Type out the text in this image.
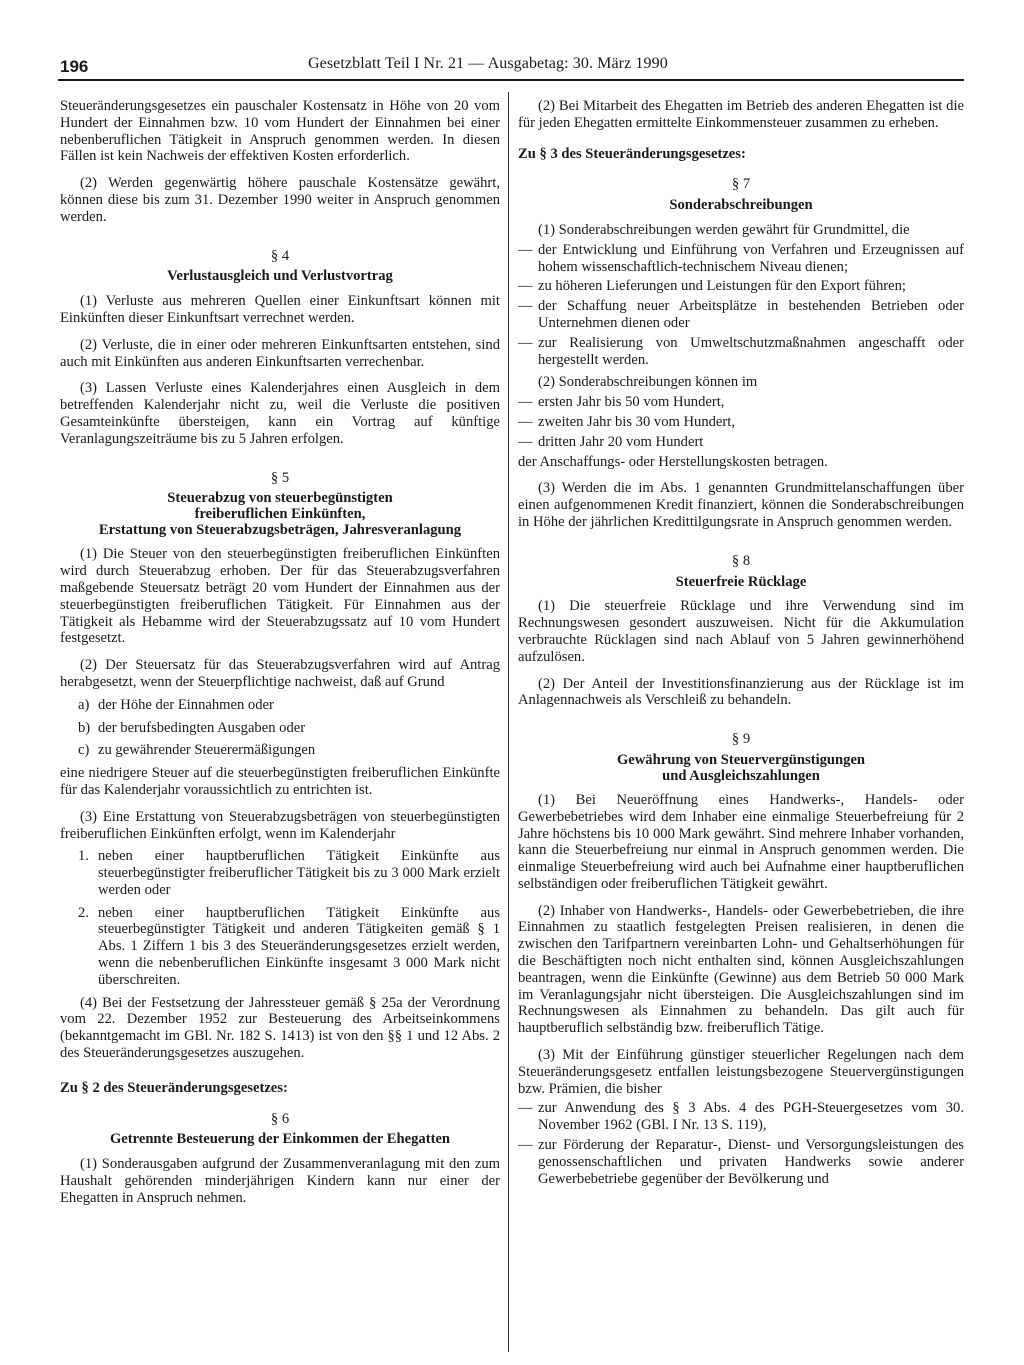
196	Gesetzblatt Teil I Nr. 21 — Ausgabetag: 30. März 1990

Steueränderungsgesetzes ein pauschaler Kostensatz in Höhe von 20 vom Hundert der Einnahmen bzw. 10 vom Hundert der Einnahmen bei einer nebenberuflichen Tätigkeit in Anspruch genommen werden. In diesen Fällen ist kein Nachweis der effektiven Kosten erforderlich.

(2) Werden gegenwärtig höhere pauschale Kostensätze gewährt, können diese bis zum 31. Dezember 1990 weiter in Anspruch genommen werden.

§ 4
Verlustausgleich und Verlustvortrag

(1) Verluste aus mehreren Quellen einer Einkunftsart können mit Einkünften dieser Einkunftsart verrechnet werden.

(2) Verluste, die in einer oder mehreren Einkunftsarten entstehen, sind auch mit Einkünften aus anderen Einkunftsarten verrechenbar.

(3) Lassen Verluste eines Kalenderjahres einen Ausgleich in dem betreffenden Kalenderjahr nicht zu, weil die Verluste die positiven Gesamteinkünfte übersteigen, kann ein Vortrag auf künftige Veranlagungszeiträume bis zu 5 Jahren erfolgen.

§ 5
Steuerabzug von steuerbegünstigten
freiberuflichen Einkünften,
Erstattung von Steuerabzugsbeträgen, Jahresveranlagung

(1) Die Steuer von den steuerbegünstigten freiberuflichen Einkünften wird durch Steuerabzug erhoben. Der für das Steuerabzugsverfahren maßgebende Steuersatz beträgt 20 vom Hundert der Einnahmen aus der steuerbegünstigten freiberuflichen Tätigkeit. Für Einnahmen aus der Tätigkeit als Hebamme wird der Steuerabzugssatz auf 10 vom Hundert festgesetzt.

(2) Der Steuersatz für das Steuerabzugsverfahren wird auf Antrag herabgesetzt, wenn der Steuerpflichtige nachweist, daß auf Grund

a) der Höhe der Einnahmen oder
b) der berufsbedingten Ausgaben oder
c) zu gewährender Steuerermäßigungen

eine niedrigere Steuer auf die steuerbegünstigten freiberuflichen Einkünfte für das Kalenderjahr voraussichtlich zu entrichten ist.

(3) Eine Erstattung von Steuerabzugsbeträgen von steuerbegünstigten freiberuflichen Einkünften erfolgt, wenn im Kalenderjahr

1. neben einer hauptberuflichen Tätigkeit Einkünfte aus steuerbegünstigter freiberuflicher Tätigkeit bis zu 3 000 Mark erzielt werden oder
2. neben einer hauptberuflichen Tätigkeit Einkünfte aus steuerbegünstigter Tätigkeit und anderen Tätigkeiten gemäß § 1 Abs. 1 Ziffern 1 bis 3 des Steueränderungsgesetzes erzielt werden, wenn die nebenberuflichen Einkünfte insgesamt 3 000 Mark nicht überschreiten.

(4) Bei der Festsetzung der Jahressteuer gemäß § 25a der Verordnung vom 22. Dezember 1952 zur Besteuerung des Arbeitseinkommens (bekanntgemacht im GBl. Nr. 182 S. 1413) ist von den §§ 1 und 12 Abs. 2 des Steueränderungsgesetzes auszugehen.

Zu § 2 des Steueränderungsgesetzes:
§ 6
Getrennte Besteuerung der Einkommen der Ehegatten

(1) Sonderausgaben aufgrund der Zusammenveranlagung mit den zum Haushalt gehörenden minderjährigen Kindern kann nur einer der Ehegatten in Anspruch nehmen.

(2) Bei Mitarbeit des Ehegatten im Betrieb des anderen Ehegatten ist die für jeden Ehegatten ermittelte Einkommensteuer zusammen zu erheben.

Zu § 3 des Steueränderungsgesetzes:
§ 7
Sonderabschreibungen

(1) Sonderabschreibungen werden gewährt für Grundmittel, die

— der Entwicklung und Einführung von Verfahren und Erzeugnissen auf hohem wissenschaftlich-technischem Niveau dienen;
— zu höheren Lieferungen und Leistungen für den Export führen;
— der Schaffung neuer Arbeitsplätze in bestehenden Betrieben oder Unternehmen dienen oder
— zur Realisierung von Umweltschutzmaßnahmen angeschafft oder hergestellt werden.

(2) Sonderabschreibungen können im

— ersten Jahr bis 50 vom Hundert,
— zweiten Jahr bis 30 vom Hundert,
— dritten Jahr 20 vom Hundert

der Anschaffungs- oder Herstellungskosten betragen.

(3) Werden die im Abs. 1 genannten Grundmittelanschaffungen über einen aufgenommenen Kredit finanziert, können die Sonderabschreibungen in Höhe der jährlichen Kredittilgungsrate in Anspruch genommen werden.

§ 8
Steuerfreie Rücklage

(1) Die steuerfreie Rücklage und ihre Verwendung sind im Rechnungswesen gesondert auszuweisen. Nicht für die Akkumulation verbrauchte Rücklagen sind nach Ablauf von 5 Jahren gewinnerhöhend aufzulösen.

(2) Der Anteil der Investitionsfinanzierung aus der Rücklage ist im Anlagennachweis als Verschleiß zu behandeln.

§ 9
Gewährung von Steuervergünstigungen
und Ausgleichszahlungen

(1) Bei Neueröffnung eines Handwerks-, Handels- oder Gewerbebetriebes wird dem Inhaber eine einmalige Steuerbefreiung für 2 Jahre höchstens bis 10 000 Mark gewährt. Sind mehrere Inhaber vorhanden, kann die Steuerbefreiung nur einmal in Anspruch genommen werden. Die einmalige Steuerbefreiung wird auch bei Aufnahme einer hauptberuflichen selbständigen oder freiberuflichen Tätigkeit gewährt.

(2) Inhaber von Handwerks-, Handels- oder Gewerbebetrieben, die ihre Einnahmen zu staatlich festgelegten Preisen realisieren, in denen die zwischen den Tarifpartnern vereinbarten Lohn- und Gehaltserhöhungen für die Beschäftigten noch nicht enthalten sind, können Ausgleichszahlungen beantragen, wenn die Einkünfte (Gewinne) aus dem Betrieb 50 000 Mark im Veranlagungsjahr nicht übersteigen. Die Ausgleichszahlungen sind im Rechnungswesen als Einnahmen zu behandeln. Das gilt auch für hauptberuflich selbständig bzw. freiberuflich Tätige.

(3) Mit der Einführung günstiger steuerlicher Regelungen nach dem Steueränderungsgesetz entfallen leistungsbezogene Steuervergünstigungen bzw. Prämien, die bisher

— zur Anwendung des § 3 Abs. 4 des PGH-Steuergesetzes vom 30. November 1962 (GBl. I Nr. 13 S. 119),
— zur Förderung der Reparatur-, Dienst- und Versorgungsleistungen des genossenschaftlichen und privaten Handwerks sowie anderer Gewerbebetriebe gegenüber der Bevölkerung und
